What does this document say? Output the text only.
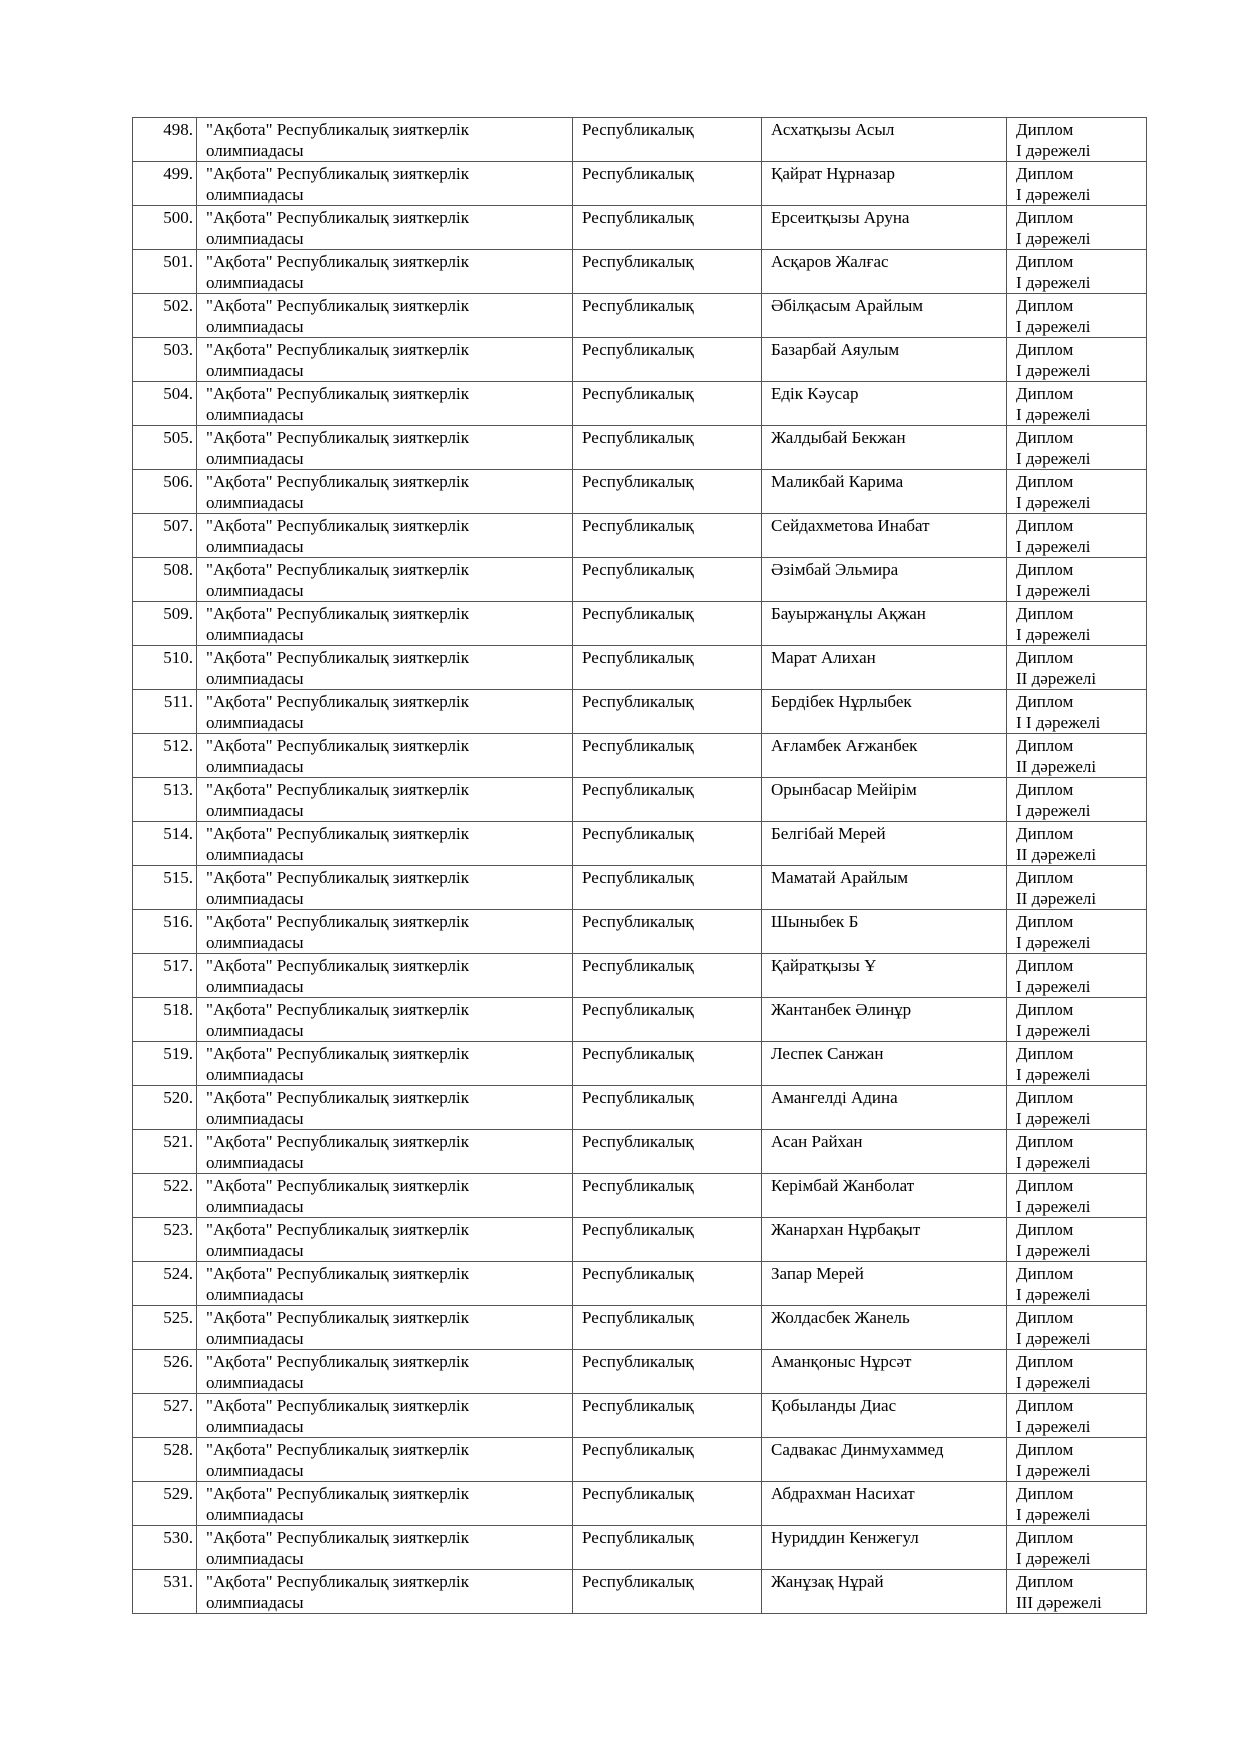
498.	"Ақбота" Республикалық зияткерлік
олимпиадасы	Республикалық	Асхатқызы Асыл	Диплом
I дәрежелі

499.	"Ақбота" Республикалық зияткерлік
олимпиадасы	Республикалық	Қайрат Нұрназар	Диплом
I дәрежелі

500.	"Ақбота" Республикалық зияткерлік
олимпиадасы	Республикалық	Ерсеитқызы Аруна	Диплом
I дәрежелі

501.	"Ақбота" Республикалық зияткерлік
олимпиадасы	Республикалық	Асқаров Жалғас	Диплом
I дәрежелі

502.	"Ақбота" Республикалық зияткерлік
олимпиадасы	Республикалық	Әбілқасым Арайлым	Диплом
I дәрежелі

503.	"Ақбота" Республикалық зияткерлік
олимпиадасы	Республикалық	Базарбай Аяулым	Диплом
I дәрежелі

504.	"Ақбота" Республикалық зияткерлік
олимпиадасы	Республикалық	Едік Кәусар	Диплом
I дәрежелі

505.	"Ақбота" Республикалық зияткерлік
олимпиадасы	Республикалық	Жалдыбай Бекжан	Диплом
I дәрежелі

506.	"Ақбота" Республикалық зияткерлік
олимпиадасы	Республикалық	Маликбай Карима	Диплом
I дәрежелі

507.	"Ақбота" Республикалық зияткерлік
олимпиадасы	Республикалық	Сейдахметова Инабат	Диплом
I дәрежелі

508.	"Ақбота" Республикалық зияткерлік
олимпиадасы	Республикалық	Әзімбай Эльмира	Диплом
I дәрежелі

509.	"Ақбота" Республикалық зияткерлік
олимпиадасы	Республикалық	Бауыржанұлы Ақжан	Диплом
I дәрежелі

510.	"Ақбота" Республикалық зияткерлік
олимпиадасы	Республикалық	Марат Алихан	Диплом
II дәрежелі

511.	"Ақбота" Республикалық зияткерлік
олимпиадасы	Республикалық	Бердібек Нұрлыбек	Диплом
I I дәрежелі

512.	"Ақбота" Республикалық зияткерлік
олимпиадасы	Республикалық	Ағламбек Ағжанбек	Диплом
II дәрежелі

513.	"Ақбота" Республикалық зияткерлік
олимпиадасы	Республикалық	Орынбасар Мейірім	Диплом
I дәрежелі

514.	"Ақбота" Республикалық зияткерлік
олимпиадасы	Республикалық	Белгібай Мерей	Диплом
II дәрежелі

515.	"Ақбота" Республикалық зияткерлік
олимпиадасы	Республикалық	Маматай Арайлым	Диплом
II дәрежелі

516.	"Ақбота" Республикалық зияткерлік
олимпиадасы	Республикалық	Шыныбек Б	Диплом
I дәрежелі

517.	"Ақбота" Республикалық зияткерлік
олимпиадасы	Республикалық	Қайратқызы Ұ	Диплом
I дәрежелі

518.	"Ақбота" Республикалық зияткерлік
олимпиадасы	Республикалық	Жантанбек Әлинұр	Диплом
I дәрежелі

519.	"Ақбота" Республикалық зияткерлік
олимпиадасы	Республикалық	Леспек Санжан	Диплом
I дәрежелі

520.	"Ақбота" Республикалық зияткерлік
олимпиадасы	Республикалық	Амангелді Адина	Диплом
I дәрежелі

521.	"Ақбота" Республикалық зияткерлік
олимпиадасы	Республикалық	Асан Райхан	Диплом
I дәрежелі

522.	"Ақбота" Республикалық зияткерлік
олимпиадасы	Республикалық	Керімбай Жанболат	Диплом
I дәрежелі

523.	"Ақбота" Республикалық зияткерлік
олимпиадасы	Республикалық	Жанархан Нұрбақыт	Диплом
I дәрежелі

524.	"Ақбота" Республикалық зияткерлік
олимпиадасы	Республикалық	Запар Мерей	Диплом
I дәрежелі

525.	"Ақбота" Республикалық зияткерлік
олимпиадасы	Республикалық	Жолдасбек Жанель	Диплом
I дәрежелі

526.	"Ақбота" Республикалық зияткерлік
олимпиадасы	Республикалық	Аманқоныс Нұрсәт	Диплом
I дәрежелі

527.	"Ақбота" Республикалық зияткерлік
олимпиадасы	Республикалық	Қобыланды Диас	Диплом
I дәрежелі

528.	"Ақбота" Республикалық зияткерлік
олимпиадасы	Республикалық	Садвакас Динмухаммед	Диплом
I дәрежелі

529.	"Ақбота" Республикалық зияткерлік
олимпиадасы	Республикалық	Абдрахман Насихат	Диплом
I дәрежелі

530.	"Ақбота" Республикалық зияткерлік
олимпиадасы	Республикалық	Нуриддин Кенжегул	Диплом
I дәрежелі

531.	"Ақбота" Республикалық зияткерлік
олимпиадасы	Республикалық	Жанұзақ Нұрай	Диплом
III дәрежелі
